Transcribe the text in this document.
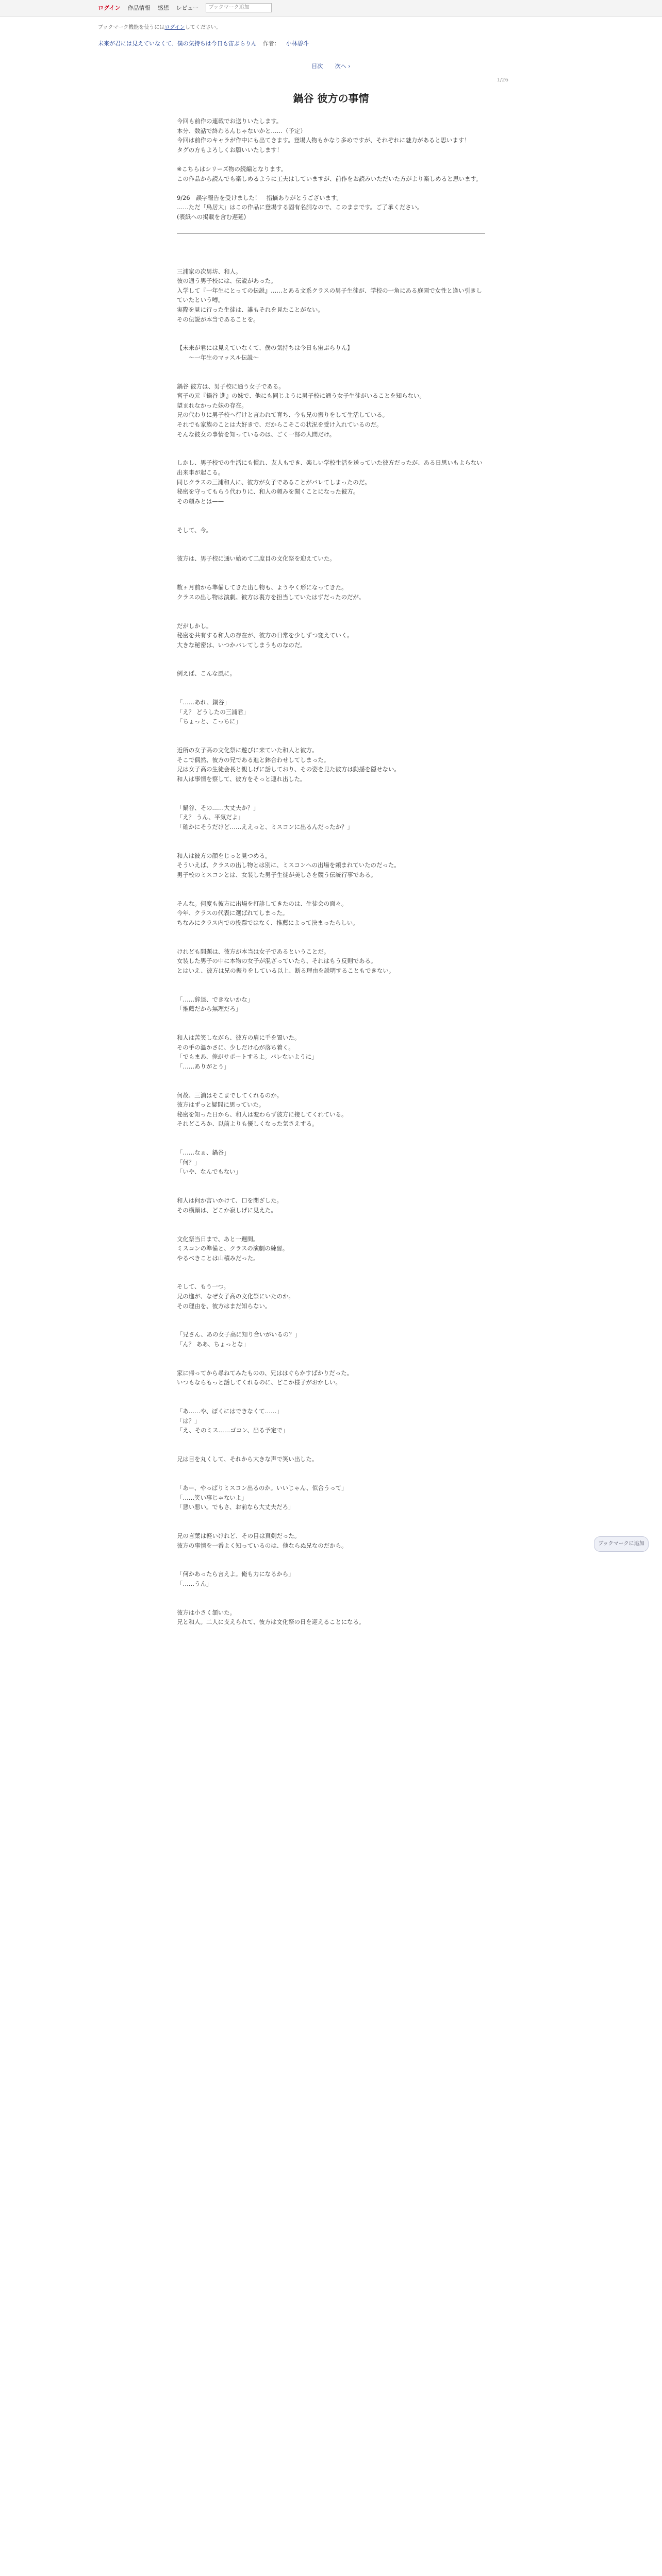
ログイン 作品情報 感想 レビュー	ブックマーク追加
ブックマーク機能を使うにはログインしてください。
未来が君には見えていなくて、僕の気持ちは今日も宙ぶらりん 作者： 小林碧斗
目次 次へ ›
1/26
鍋谷 彼方の事情

今回も前作の連載でお送りいたします。

本分、数話で終わるんじゃないかと……（予定）

今回は前作のキャラが作中にも出てきます。登場人物もかなり多めですが、それぞれに魅力があると思います！

タグの方もよろしくお願いいたします！

※こちらはシリーズ物の続編となります。

この作品から読んでも楽しめるように工夫はしていますが、前作をお読みいただいた方がより楽しめると思います。

9/26　誤字報告を受けました！　指摘ありがとうございます。

……ただ「鳥居大」はこの作品に登場する固有名詞なので、このままです。ご了承ください。

(表紙への掲載を含む遅延)

三浦家の次男坊、和人。

彼の通う男子校には、伝説があった。

入学して『一年生にとっての伝説』……とある文系クラスの男子生徒が、学校の一角にある庭園で女性と逢い引きしていたという噂。

実際を見に行った生徒は、誰もそれを見たことがない。

その伝説が本当であることを。

【未来が君には見えていなくて、僕の気持ちは今日も宙ぶらりん】

　　～一年生のマッスル伝説～

鍋谷 彼方は、男子校に通う女子である。

宮子の元『鍋谷 進』の妹で、他にも同じように男子校に通う女子生徒がいることを知らない。

望まれなかった妹の存在。

兄の代わりに男子校へ行けと言われて育ち、今も兄の振りをして生活している。

それでも家族のことは大好きで、だからこそこの状況を受け入れているのだ。

そんな彼女の事情を知っているのは、ごく一部の人間だけ。

しかし、男子校での生活にも慣れ、友人もでき、楽しい学校生活を送っていた彼方だったが、ある日思いもよらない出来事が起こる。

同じクラスの三浦和人に、彼方が女子であることがバレてしまったのだ。

秘密を守ってもらう代わりに、和人の頼みを聞くことになった彼方。

その頼みとは——

そして、今。

彼方は、男子校に通い始めて二度目の文化祭を迎えていた。

数ヶ月前から準備してきた出し物も、ようやく形になってきた。

クラスの出し物は演劇。彼方は裏方を担当していたはずだったのだが。

だがしかし。

秘密を共有する和人の存在が、彼方の日常を少しずつ変えていく。

大きな秘密は、いつかバレてしまうものなのだ。

例えば、こんな風に。

「……あれ、鍋谷」

「え？ どうしたの三浦君」

「ちょっと、こっちに」

近所の女子高の文化祭に遊びに来ていた和人と彼方。

そこで偶然、彼方の兄である進と鉢合わせしてしまった。

兄は女子高の生徒会長と親しげに話しており、その姿を見た彼方は動揺を隠せない。

和人は事情を察して、彼方をそっと連れ出した。

「鍋谷、その……大丈夫か？」

「え？ うん、平気だよ」

「確かにそうだけど……ええっと、ミスコンに出るんだったか？」

和人は彼方の顔をじっと見つめる。

そういえば、クラスの出し物とは別に、ミスコンへの出場を頼まれていたのだった。

男子校のミスコンとは、女装した男子生徒が美しさを競う伝統行事である。

そんな。何度も彼方に出場を打診してきたのは、生徒会の面々。

今年、クラスの代表に選ばれてしまった。

ちなみにクラス内での投票ではなく、推薦によって決まったらしい。

けれども問題は、彼方が本当は女子であるということだ。

女装した男子の中に本物の女子が混ざっていたら、それはもう反則である。

とはいえ、彼方は兄の振りをしている以上、断る理由を説明することもできない。

「……辞退、できないかな」

「推薦だから無理だろ」

和人は苦笑しながら、彼方の肩に手を置いた。

その手の温かさに、少しだけ心が落ち着く。

「でもまあ、俺がサポートするよ。バレないように」

「……ありがとう」

何故、三浦はそこまでしてくれるのか。

彼方はずっと疑問に思っていた。

秘密を知った日から、和人は変わらず彼方に接してくれている。

それどころか、以前よりも優しくなった気さえする。

「……なぁ、鍋谷」

「何？」

「いや、なんでもない」

和人は何か言いかけて、口を閉ざした。

その横顔は、どこか寂しげに見えた。

文化祭当日まで、あと一週間。

ミスコンの準備と、クラスの演劇の練習。

やるべきことは山積みだった。

そして、もう一つ。

兄の進が、なぜ女子高の文化祭にいたのか。

その理由を、彼方はまだ知らない。

「兄さん、あの女子高に知り合いがいるの？」

「ん？ ああ、ちょっとな」

家に帰ってから尋ねてみたものの、兄ははぐらかすばかりだった。

いつもならもっと話してくれるのに、どこか様子がおかしい。

「あ……や、ぼくにはできなくて……」

「は？」

「え、そのミス……ゴコン、出る予定で」

兄は目を丸くして、それから大きな声で笑い出した。

「あー、やっぱりミスコン出るのか。いいじゃん、似合うって」

「……笑い事じゃないよ」

「悪い悪い。でもさ、お前なら大丈夫だろ」

兄の言葉は軽いけれど、その目は真剣だった。

彼方の事情を一番よく知っているのは、他ならぬ兄なのだから。

「何かあったら言えよ。俺も力になるから」

「……うん」

彼方は小さく頷いた。

兄と和人。二人に支えられて、彼方は文化祭の日を迎えることになる。

ブックマークに追加
